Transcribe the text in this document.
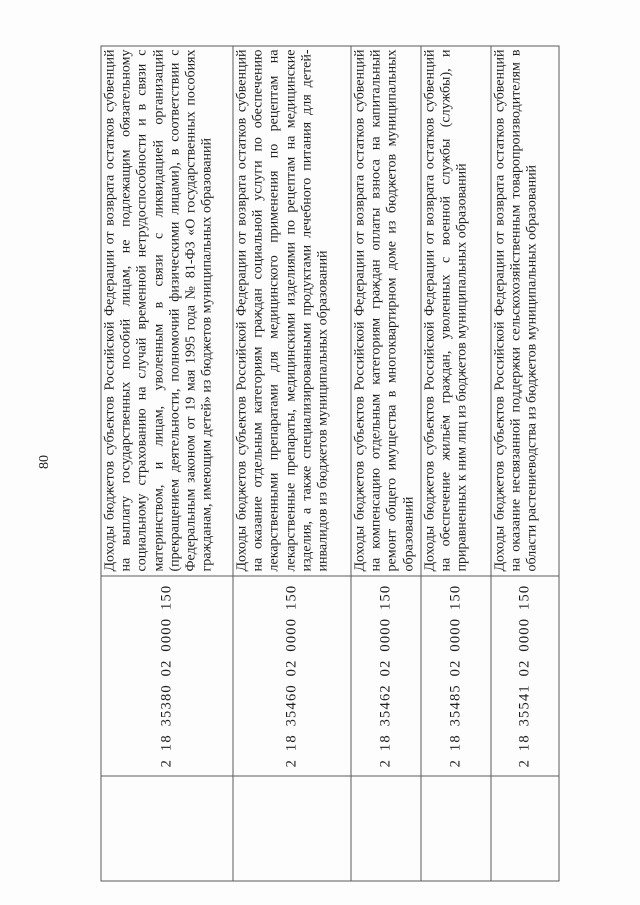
80
2 18 35380 02 0000 150
Доходы бюджетов субъектов Российской Федерации от возврата остатков субвенций на выплату государственных пособий лицам, не подлежащим обязательному социальному страхованию на случай временной нетрудоспособности и в связи с материнством, и лицам, уволенным в связи с ликвидацией организаций (прекращением деятельности, полномочий физическими лицами), в соответствии с Федеральным законом от 19 мая 1995 года № 81-ФЗ «О государственных пособиях гражданам, имеющим детей» из бюджетов муниципальных образований
2 18 35460 02 0000 150
Доходы бюджетов субъектов Российской Федерации от возврата остатков субвенций на оказание отдельным категориям граждан социальной услуги по обеспечению лекарственными препаратами для медицинского применения по рецептам на лекарственные препараты, медицинскими изделиями по рецептам на медицинские изделия, а также специализированными продуктами лечебного питания для детей-инвалидов из бюджетов муниципальных образований
2 18 35462 02 0000 150
Доходы бюджетов субъектов Российской Федерации от возврата остатков субвенций на компенсацию отдельным категориям граждан оплаты взноса на капитальный ремонт общего имущества в многоквартирном доме из бюджетов муниципальных образований
2 18 35485 02 0000 150
Доходы бюджетов субъектов Российской Федерации от возврата остатков субвенций на обеспечение жильём граждан, уволенных с военной службы (службы), и приравненных к ним лиц из бюджетов муниципальных образований
2 18 35541 02 0000 150
Доходы бюджетов субъектов Российской Федерации от возврата остатков субвенций на оказание несвязанной поддержки сельскохозяйственным товаропроизводителям в области растениеводства из бюджетов муниципальных образований
